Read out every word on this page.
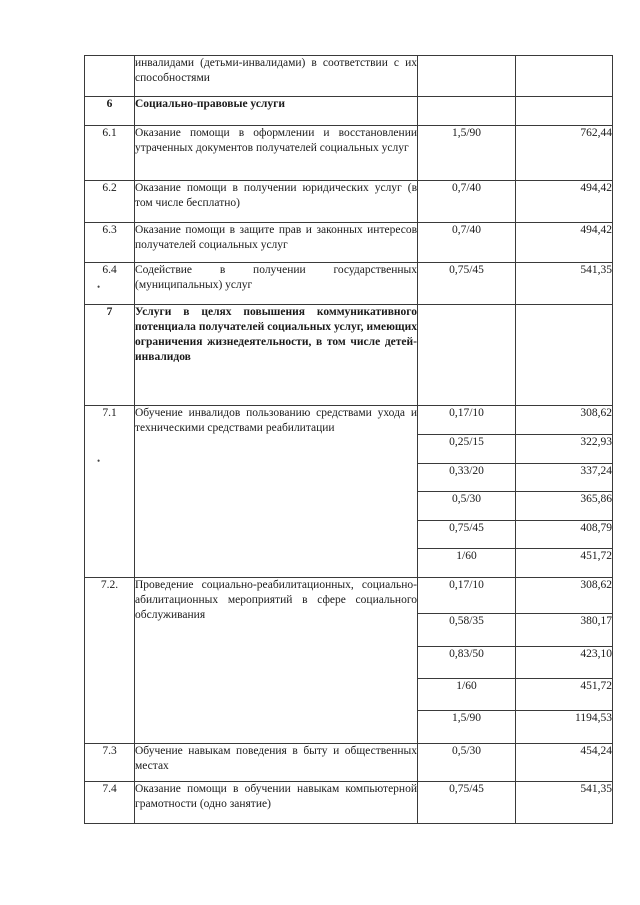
	инвалидами (детьми-инвалидами) в соответствии с их способностями		
6	Социально-правовые услуги		
6.1	Оказание помощи в оформлении и восстановлении утраченных документов получателей социальных услуг	1,5/90	762,44
6.2	Оказание помощи в получении юридических услуг (в том числе бесплатно)	0,7/40	494,42
6.3	Оказание помощи в защите прав и законных интересов получателей социальных услуг	0,7/40	494,42
6.4	Содействие в получении государственных (муниципальных) услуг	0,75/45	541,35
7	Услуги в целях повышения коммуникативного потенциала получателей социальных услуг, имеющих ограничения жизнедеятельности, в том числе детей-инвалидов		
7.1	Обучение инвалидов пользованию средствами ухода и техническими средствами реабилитации	0,17/10	308,62
		0,25/15	322,93
		0,33/20	337,24
		0,5/30	365,86
		0,75/45	408,79
		1/60	451,72
7.2.	Проведение социально-реабилитационных, социально-абилитационных мероприятий в сфере социального обслуживания	0,17/10	308,62
		0,58/35	380,17
		0,83/50	423,10
		1/60	451,72
		1,5/90	1194,53
7.3	Обучение навыкам поведения в быту и общественных местах	0,5/30	454,24
7.4	Оказание помощи в обучении навыкам компьютерной грамотности (одно занятие)	0,75/45	541,35
•
•
